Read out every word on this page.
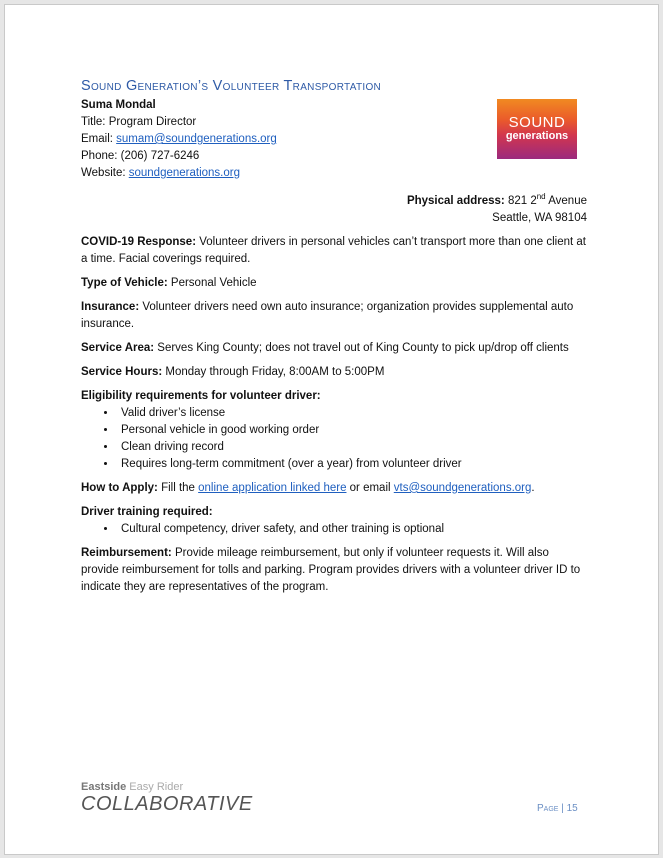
SOUND
generations
Sound Generation’s Volunteer Transportation
Suma Mondal
Title: Program Director
Email: sumam@soundgenerations.org
Phone: (206) 727-6246
Website: soundgenerations.org
Physical address: 821 2nd Avenue
Seattle, WA 98104
COVID-19 Response: Volunteer drivers in personal vehicles can’t transport more than one client at a time. Facial coverings required.
Type of Vehicle: Personal Vehicle
Insurance: Volunteer drivers need own auto insurance; organization provides supplemental auto insurance.
Service Area: Serves King County; does not travel out of King County to pick up/drop off clients
Service Hours: Monday through Friday, 8:00AM to 5:00PM
Eligibility requirements for volunteer driver:
• Valid driver’s license
• Personal vehicle in good working order
• Clean driving record
• Requires long-term commitment (over a year) from volunteer driver
How to Apply: Fill the online application linked here or email vts@soundgenerations.org.
Driver training required:
• Cultural competency, driver safety, and other training is optional
Reimbursement: Provide mileage reimbursement, but only if volunteer requests it. Will also provide reimbursement for tolls and parking. Program provides drivers with a volunteer driver ID to indicate they are representatives of the program.
Eastside Easy Rider
COLLABORATIVE	Page | 15
